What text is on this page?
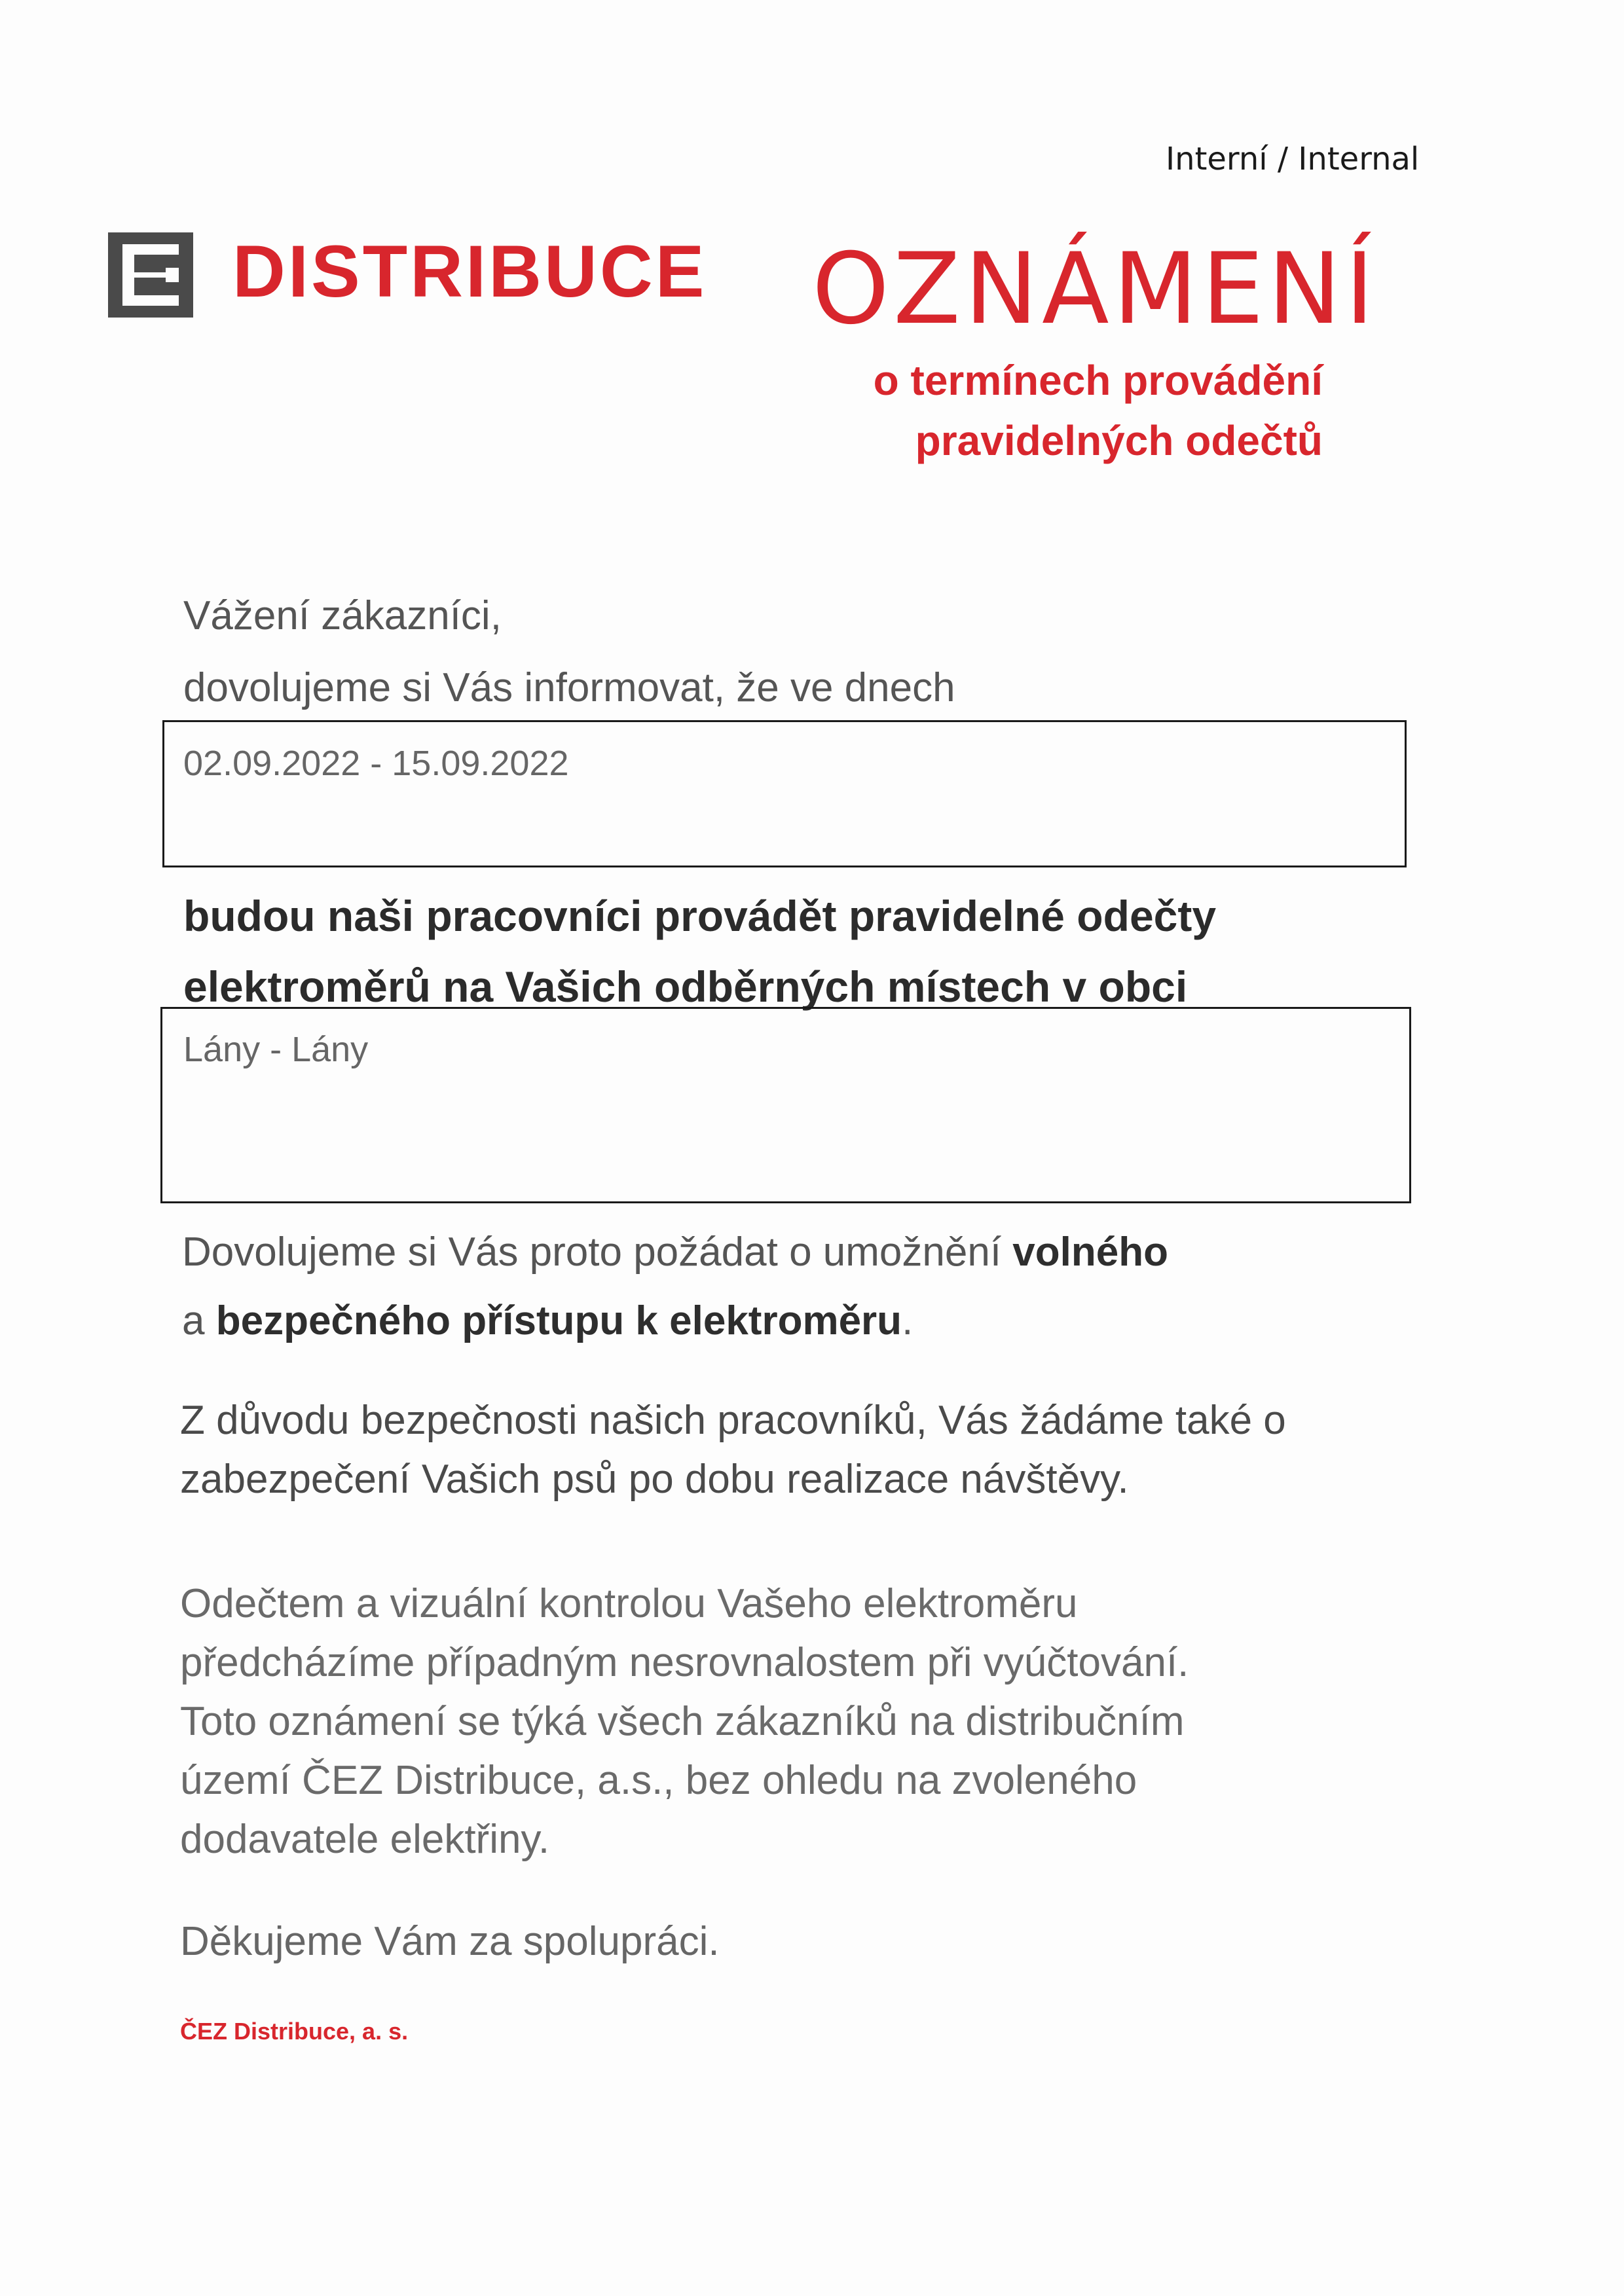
Interní / Internal
DISTRIBUCE OZNÁMENÍ
o termínech provádění
pravidelných odečtů
Vážení zákazníci,
dovolujeme si Vás informovat, že ve dnech
02.09.2022 - 15.09.2022
budou naši pracovníci provádět pravidelné odečty
elektroměrů na Vašich odběrných místech v obci
Lány - Lány
Dovolujeme si Vás proto požádat o umožnění volného
a bezpečného přístupu k elektroměru.
Z důvodu bezpečnosti našich pracovníků, Vás žádáme také o
zabezpečení Vašich psů po dobu realizace návštěvy.
Odečtem a vizuální kontrolou Vašeho elektroměru
předcházíme případným nesrovnalostem při vyúčtování.
Toto oznámení se týká všech zákazníků na distribučním
území ČEZ Distribuce, a.s., bez ohledu na zvoleného
dodavatele elektřiny.
Děkujeme Vám za spolupráci.
ČEZ Distribuce, a. s.
